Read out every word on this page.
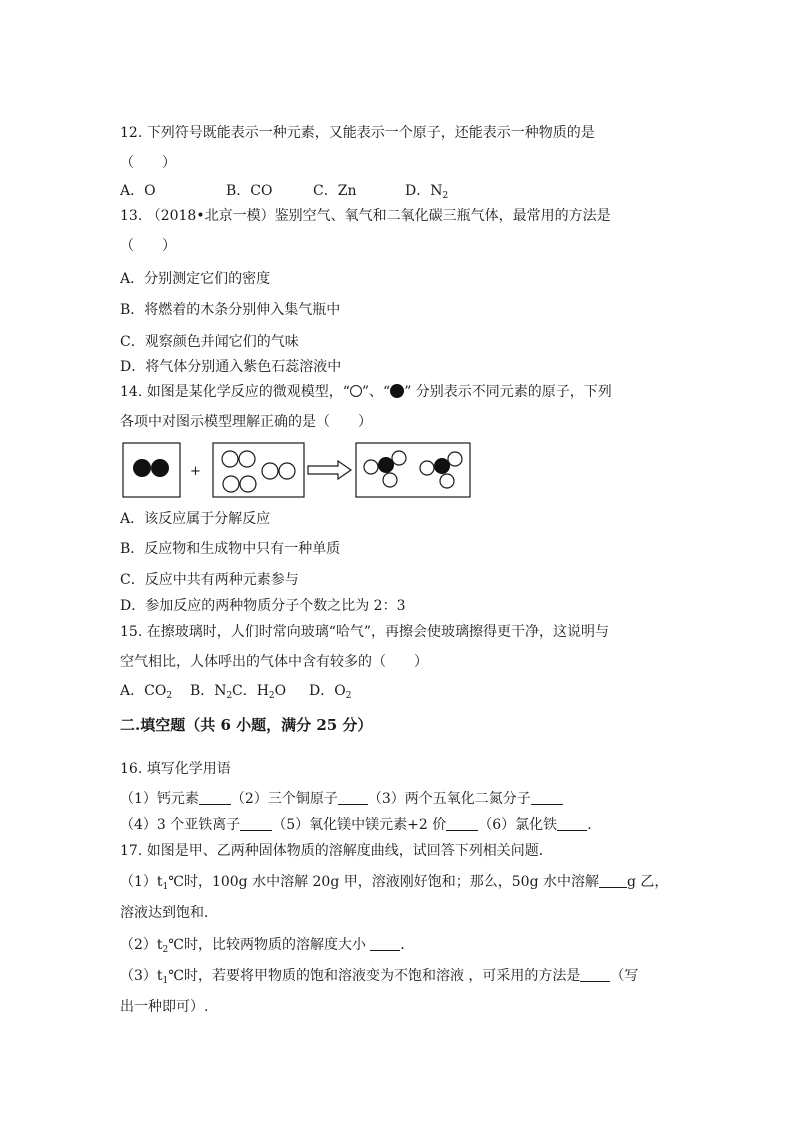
12. 下列符号既能表示一种元素，又能表示一个原子，还能表示一种物质的是
（　　）
A．O	B．CO	C．Zn	D．$N_2$
13. （2018•北京一模）鉴别空气、氧气和二氧化碳三瓶气体，最常用的方法是
（　　）
A．分别测定它们的密度
B．将燃着的木条分别伸入集气瓶中
C．观察颜色并闻它们的气味
D．将气体分别通入紫色石蕊溶液中
14. 如图是某化学反应的微观模型，“ ”、“ ” 分别表示不同元素的原子，下列
各项中对图示模型理解正确的是（　　）
+
A．该反应属于分解反应
B．反应物和生成物中只有一种单质
C．反应中共有两种元素参与
D．参加反应的两种物质分子个数之比为 2：3
15. 在擦玻璃时，人们时常向玻璃“哈气”，再擦会使玻璃擦得更干净，这说明与
空气相比，人体呼出的气体中含有较多的（　　）
A．$CO_2$ B．$N_2C$．$H_2O$ D．$O_2$
二.填空题（共 6 小题，满分 25 分）
16. 填写化学用语
（1）钙元素 （2）三个铜原子 （3）两个五氧化二氮分子
（4）3 个亚铁离子 （5）氧化镁中镁元素+2 价 （6）氯化铁 .
17. 如图是甲、乙两种固体物质的溶解度曲线，试回答下列相关问题．
$(1)t_1℃$时，100g 水中溶解 20g 甲，溶液刚好饱和；那么，50g 水中溶解 g 乙，
溶液达到饱和．
$(2)t_2℃$时，比较两物质的溶解度大小 ．
$(3)t_1℃$时，若要将甲物质的饱和溶液变为不饱和溶液 ，可采用的方法是 （写
出一种即可）.
